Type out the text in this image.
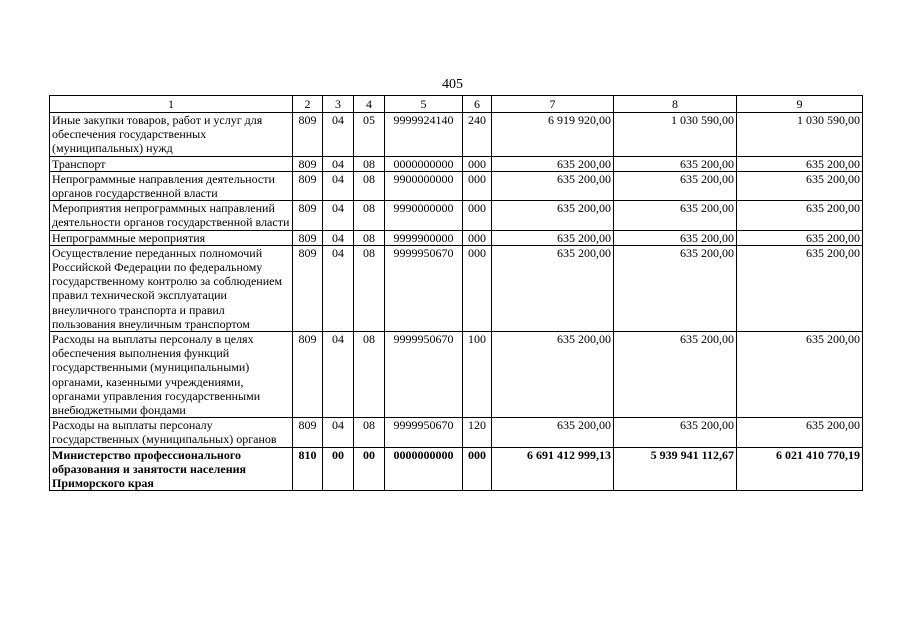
405
1	2	3	4	5	6	7	8	9
Иные закупки товаров, работ и услуг для обеспечения государственных (муниципальных) нужд	809	04	05	9999924140	240	6 919 920,00	1 030 590,00	1 030 590,00
Транспорт	809	04	08	0000000000	000	635 200,00	635 200,00	635 200,00
Непрограммные направления деятельности органов государственной власти	809	04	08	9900000000	000	635 200,00	635 200,00	635 200,00
Мероприятия непрограммных направлений деятельности органов государственной власти	809	04	08	9990000000	000	635 200,00	635 200,00	635 200,00
Непрограммные мероприятия	809	04	08	9999900000	000	635 200,00	635 200,00	635 200,00
Осуществление переданных полномочий Российской Федерации по федеральному государственному контролю за соблюдением правил технической эксплуатации внеуличного транспорта и правил пользования внеуличным транспортом	809	04	08	9999950670	000	635 200,00	635 200,00	635 200,00
Расходы на выплаты персоналу в целях обеспечения выполнения функций государственными (муниципальными) органами, казенными учреждениями, органами управления государственными внебюджетными фондами	809	04	08	9999950670	100	635 200,00	635 200,00	635 200,00
Расходы на выплаты персоналу государственных (муниципальных) органов	809	04	08	9999950670	120	635 200,00	635 200,00	635 200,00
Министерство профессионального образования и занятости населения Приморского края	810	00	00	0000000000	000	6 691 412 999,13	5 939 941 112,67	6 021 410 770,19
